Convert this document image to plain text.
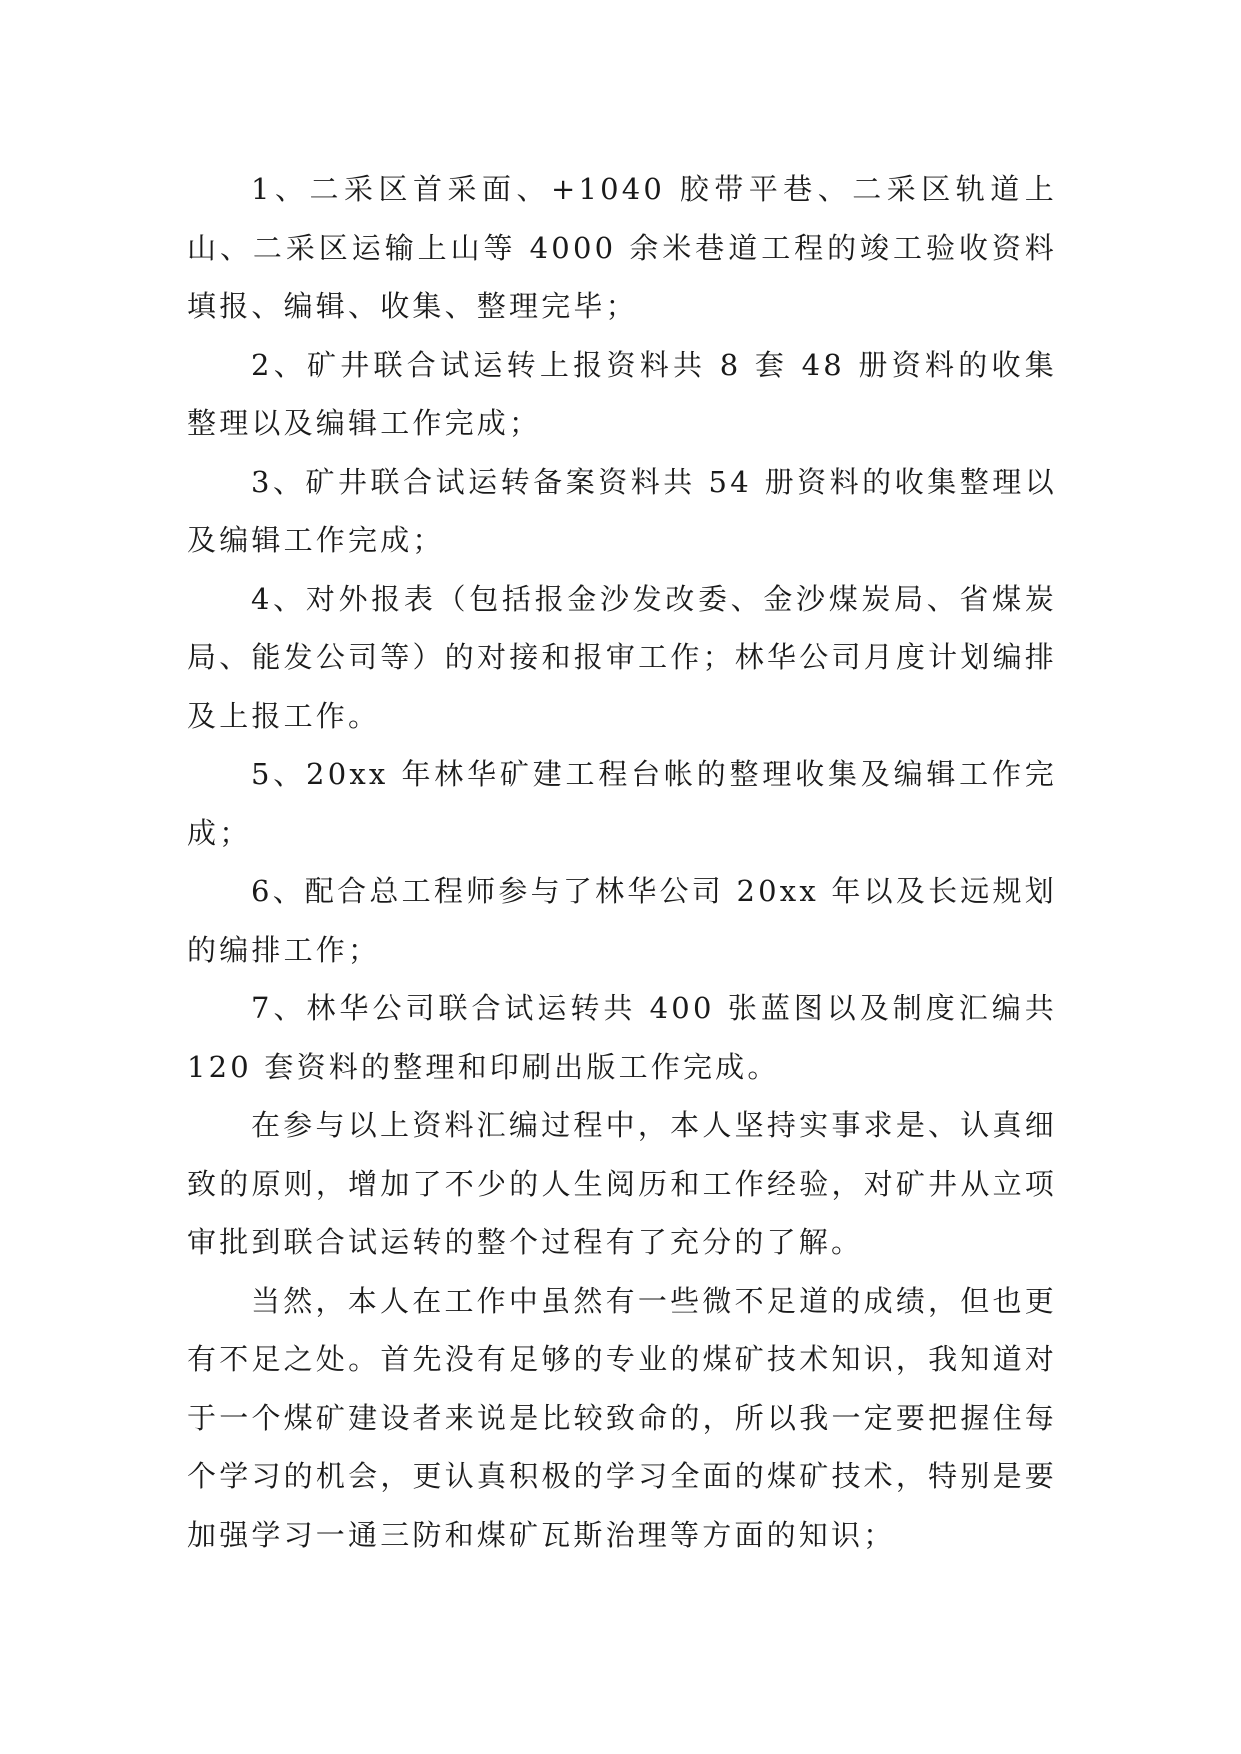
1、二采区首采面、+1040 胶带平巷、二采区轨道上山、二采区运输上山等 4000 余米巷道工程的竣工验收资料填报、编辑、收集、整理完毕；

2、矿井联合试运转上报资料共 8 套 48 册资料的收集整理以及编辑工作完成；

3、矿井联合试运转备案资料共 54 册资料的收集整理以及编辑工作完成；

4、对外报表（包括报金沙发改委、金沙煤炭局、省煤炭局、能发公司等）的对接和报审工作；林华公司月度计划编排及上报工作。

5、20xx 年林华矿建工程台帐的整理收集及编辑工作完成；

6、配合总工程师参与了林华公司 20xx 年以及长远规划的编排工作；

7、林华公司联合试运转共 400 张蓝图以及制度汇编共 120 套资料的整理和印刷出版工作完成。

在参与以上资料汇编过程中，本人坚持实事求是、认真细致的原则，增加了不少的人生阅历和工作经验，对矿井从立项审批到联合试运转的整个过程有了充分的了解。

当然，本人在工作中虽然有一些微不足道的成绩，但也更有不足之处。首先没有足够的专业的煤矿技术知识，我知道对于一个煤矿建设者来说是比较致命的，所以我一定要把握住每个学习的机会，更认真积极的学习全面的煤矿技术，特别是要加强学习一通三防和煤矿瓦斯治理等方面的知识；
